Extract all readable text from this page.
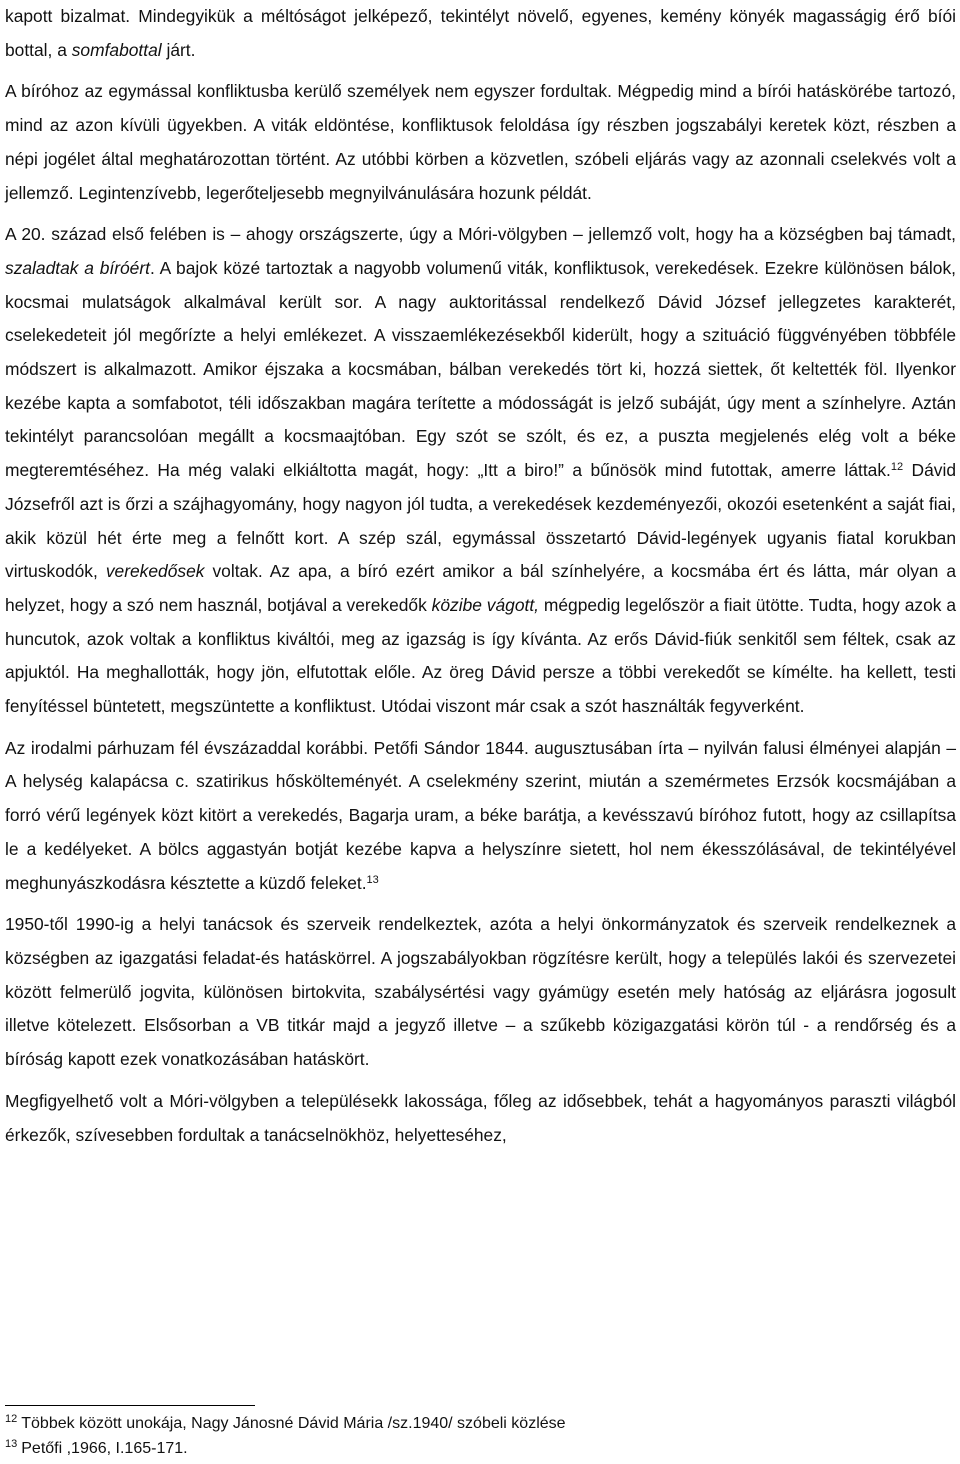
kapott bizalmat. Mindegyikük a méltóságot jelképező, tekintélyt növelő, egyenes, kemény könyék magasságig érő bíói bottal, a somfabottal járt.

A bíróhoz az egymással konfliktusba kerülő személyek nem egyszer fordultak. Mégpedig mind a bírói hatáskörébe tartozó, mind az azon kívüli ügyekben. A viták eldöntése, konfliktusok feloldása így részben jogszabályi keretek közt, részben a népi jogélet által meghatározottan történt. Az utóbbi körben a közvetlen, szóbeli eljárás vagy az azonnali cselekvés volt a jellemző. Legintenzívebb, legerőteljesebb megnyilvánulására hozunk példát.

A 20. század első felében is – ahogy országszerte, úgy a Móri-völgyben – jellemző volt, hogy ha a községben baj támadt, szaladtak a bíróért. A bajok közé tartoztak a nagyobb volumenű viták, konfliktusok, verekedések. Ezekre különösen bálok, kocsmai mulatságok alkalmával került sor. A nagy auktoritással rendelkező Dávid József jellegzetes karakterét, cselekedeteit jól megőrízte a helyi emlékezet. A visszaemlékezésekből kiderült, hogy a szituáció függvényében többféle módszert is alkalmazott. Amikor éjszaka a kocsmában, bálban verekedés tört ki, hozzá siettek, őt keltették föl. Ilyenkor kezébe kapta a somfabotot, téli időszakban magára terítette a módosságát is jelző subáját, úgy ment a színhelyre. Aztán tekintélyt parancsolóan megállt a kocsmaajtóban. Egy szót se szólt, és ez, a puszta megjelenés elég volt a béke megteremtéséhez. Ha még valaki elkiáltotta magát, hogy: „Itt a biro!” a bűnösök mind futottak, amerre láttak.$^{12}$ Dávid Józsefről azt is őrzi a szájhagyomány, hogy nagyon jól tudta, a verekedések kezdeményezői, okozói esetenként a saját fiai, akik közül hét érte meg a felnőtt kort. A szép szál, egymással összetartó Dávid-legények ugyanis fiatal korukban virtuskodók, verekedősek voltak. Az apa, a bíró ezért amikor a bál színhelyére, a kocsmába ért és látta, már olyan a helyzet, hogy a szó nem használ, botjával a verekedők közibe vágott, mégpedig legelőször a fiait ütötte. Tudta, hogy azok a huncutok, azok voltak a konfliktus kiváltói, meg az igazság is így kívánta. Az erős Dávid-fiúk senkitől sem féltek, csak az apjuktól. Ha meghallották, hogy jön, elfutottak előle. Az öreg Dávid persze a többi verekedőt se kímélte. ha kellett, testi fenyítéssel büntetett, megszüntette a konfliktust. Utódai viszont már csak a szót használták fegyverként.

Az irodalmi párhuzam fél évszázaddal korábbi. Petőfi Sándor 1844. augusztusában írta – nyilván falusi élményei alapján – A helység kalapácsa c. szatirikus hőskölteményét. A cselekmény szerint, miután a szemérmetes Erzsók kocsmájában a forró vérű legények közt kitört a verekedés, Bagarja uram, a béke barátja, a kevésszavú bíróhoz futott, hogy az csillapítsa le a kedélyeket. A bölcs aggastyán botját kezébe kapva a helyszínre sietett, hol nem ékesszólásával, de tekintélyével meghunyászkodásra késztette a küzdő feleket.$^{13}$

1950-től 1990-ig a helyi tanácsok és szerveik rendelkeztek, azóta a helyi önkormányzatok és szerveik rendelkeznek a községben az igazgatási feladat-és hatáskörrel. A jogszabályokban rögzítésre került, hogy a település lakói és szervezetei között felmerülő jogvita, különösen birtokvita, szabálysértési vagy gyámügy esetén mely hatóság az eljárásra jogosult illetve kötelezett. Elsősorban a VB titkár majd a jegyző illetve – a szűkebb közigazgatási körön túl - a rendőrség és a bíróság kapott ezek vonatkozásában hatáskört.

Megfigyelhető volt a Móri-völgyben a településekk lakossága, főleg az idősebbek, tehát a hagyományos paraszti világból érkezők, szívesebben fordultak a tanácselnökhöz, helyetteséhez,

$^{12}$ Többek között unokája, Nagy Jánosné Dávid Mária /sz.1940/ szóbeli közlése

$^{13}$ Petőfi ,1966, I.165-171.
